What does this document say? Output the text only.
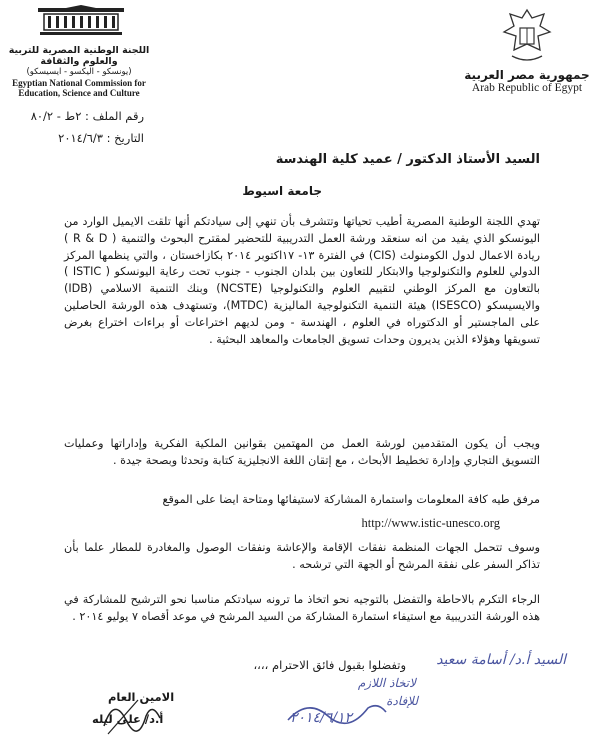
اللجنة الوطنية المصرية للتربية والعلوم والثقافة
(يونسكو - اليكسو - ايسيسكو)
Egyptian National Commission for
Education, Science and Culture
جمهورية مصر العربية
Arab Republic of Egypt
رقم الملف : ٢ط - ٨٠/٢
التاريخ : ٢٠١٤/٦/٣
السيد الأستاذ الدكتور / عميد كلية الهندسة
جامعة اسيوط
تهدي اللجنة الوطنية المصرية أطيب تحياتها وتتشرف بأن تنهي إلى سيادتكم أنها تلقت الايميل الوارد من اليونسكو الذي يفيد من انه سنعقد ورشة العمل التدريبية للتحضير لمقترح البحوث والتنمية ( R & D ) ريادة الاعمال لدول الكومنولث (CIS) في الفترة ١٣- ١٧اكتوبر ٢٠١٤ بكازاخستان ، والتي ينظمها المركز الدولي للعلوم والتكنولوجيا والابتكار للتعاون بين بلدان الجنوب - جنوب تحت رعاية اليونسكو ( ISTIC ) بالتعاون مع المركز الوطني لتقييم العلوم والتكنولوجيا (NCSTE) وبنك التنمية الاسلامي (IDB) والايسيسكو (ISESCO) هيئة التنمية التكنولوجية الماليزية (MTDC)، وتستهدف هذه الورشة الحاصلين على الماجستير أو الدكتوراه في العلوم ، الهندسة - ومن لديهم اختراعات أو براءات اختراع بغرض تسويقها وهؤلاء الذين يديرون وحدات تسويق الجامعات والمعاهد البحثية .
ويجب أن يكون المتقدمين لورشة العمل من المهتمين بقوانين الملكية الفكرية وإداراتها وعمليات التسويق التجاري وإدارة تخطيط الأبحاث ، مع إتقان اللغة الانجليزية كتابة وتحدثا وبصحة جيدة .
مرفق طيه كافة المعلومات واستمارة المشاركة لاستيفائها ومتاحة ايضا على الموقع
http://www.istic-unesco.org
وسوف تتحمل الجهات المنظمة نفقات الإقامة والإعاشة ونفقات الوصول والمغادرة للمطار علما بأن تذاكر السفر على نفقة المرشح أو الجهة التي ترشحه .
الرجاء التكرم بالاحاطة والتفضل بالتوجيه نحو اتخاذ ما ترونه سيادتكم مناسبا نحو الترشيح للمشاركة في هذه الورشة التدريبية مع استيفاء استمارة المشاركة من السيد المرشح في موعد أقصاه ٧ يوليو ٢٠١٤ .
وتفضلوا بقبول فائق الاحترام ،،،،
الامين العام
أ.د/ على ليله
السيد أ.د/ أسامة سعيد
لاتخاذ اللازم
للإفادة
٢٠١٤/٦/١٢
